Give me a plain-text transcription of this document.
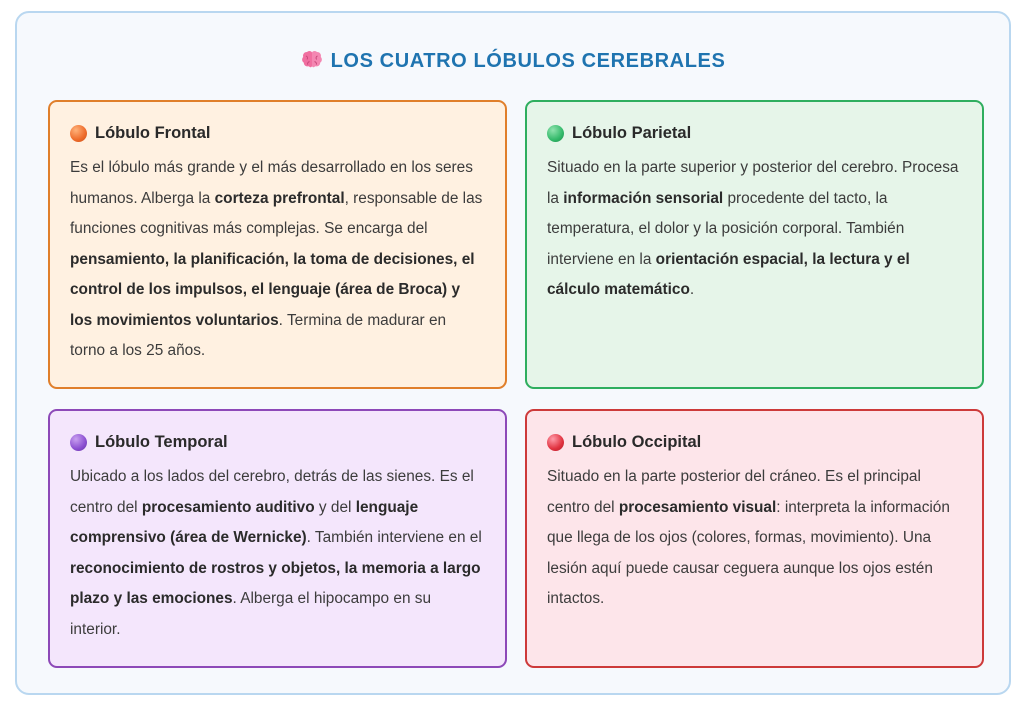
LOS CUATRO LÓBULOS CEREBRALES
Lóbulo Frontal

Es el lóbulo más grande y el más desarrollado en los seres humanos. Alberga la corteza prefrontal, responsable de las funciones cognitivas más complejas. Se encarga del pensamiento, la planificación, la toma de decisiones, el control de los impulsos, el lenguaje (área de Broca) y los movimientos voluntarios. Termina de madurar en torno a los 25 años.

Lóbulo Parietal

Situado en la parte superior y posterior del cerebro. Procesa la información sensorial procedente del tacto, la temperatura, el dolor y la posición corporal. También interviene en la orientación espacial, la lectura y el cálculo matemático.

Lóbulo Temporal

Ubicado a los lados del cerebro, detrás de las sienes. Es el centro del procesamiento auditivo y del lenguaje comprensivo (área de Wernicke). También interviene en el reconocimiento de rostros y objetos, la memoria a largo plazo y las emociones. Alberga el hipocampo en su interior.

Lóbulo Occipital

Situado en la parte posterior del cráneo. Es el principal centro del procesamiento visual: interpreta la información que llega de los ojos (colores, formas, movimiento). Una lesión aquí puede causar ceguera aunque los ojos estén intactos.
